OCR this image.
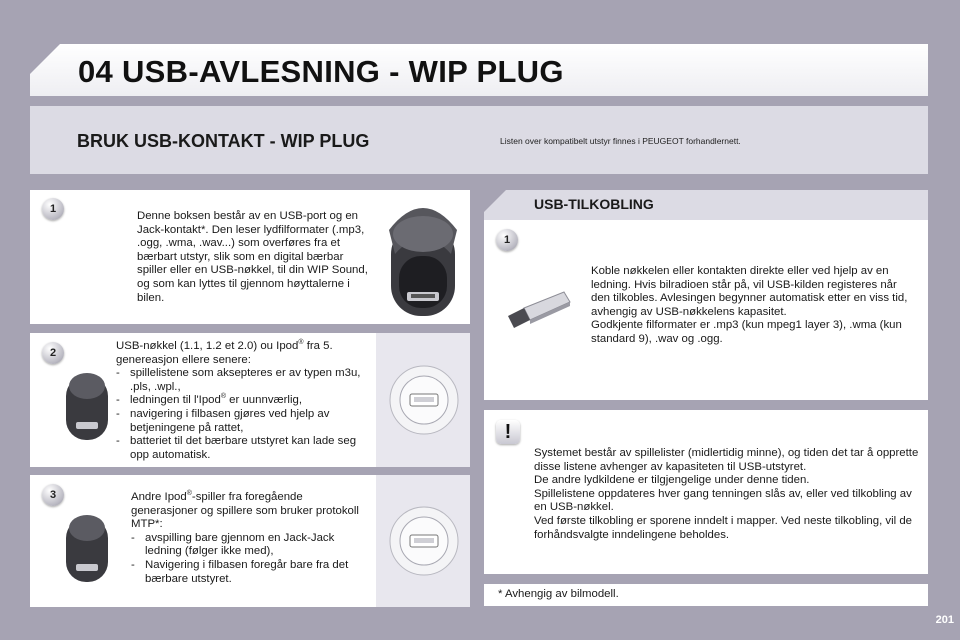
04 USB-AVLESNING - WIP PLUG
BRUK USB-KONTAKT - WIP PLUG	Listen over kompatibelt utstyr finnes i PEUGEOT forhandlernett.
1
Denne boksen består av en USB-port og en Jack-kontakt*. Den leser lydfilformater (.mp3, .ogg, .wma, .wav...) som overføres fra et bærbart utstyr, slik som en digital bærbar spiller eller en USB-nøkkel, til din WIP Sound, og som kan lyttes til gjennom høyttalerne i bilen.
2

USB-nøkkel (1.1, 1.2 et 2.0) ou Ipod® fra 5. genereasjon ellere senere:

- spillelistene som aksepteres er av typen m3u, .pls, .wpl.,
- ledningen til l'Ipod® er uunnværlig,
- navigering i filbasen gjøres ved hjelp av betjeningene på rattet,
- batteriet til det bærbare utstyret kan lade seg opp automatisk.
3	Andre Ipod®-spiller fra foregående generasjoner og spillere som bruker protokoll MTP*:

- avspilling bare gjennom en Jack-Jack ledning (følger ikke med),
- Navigering i filbasen foregår bare fra det bærbare utstyret.
USB-TILKOBLING
1

Koble nøkkelen eller kontakten direkte eller ved hjelp av en ledning. Hvis bilradioen står på, vil USB-kilden registeres når den tilkobles. Avlesingen begynner automatisk etter en viss tid, avhengig av USB-nøkkelens kapasitet.

Godkjente filformater er .mp3 (kun mpeg1 layer 3), .wma (kun standard 9), .wav og .ogg.

!

Systemet består av spillelister (midlertidig minne), og tiden det tar å opprette disse listene avhenger av kapasiteten til USB-utstyret.

De andre lydkildene er tilgjengelige under denne tiden.

Spillelistene oppdateres hver gang tenningen slås av, eller ved tilkobling av en USB-nøkkel.

Ved første tilkobling er sporene inndelt i mapper. Ved neste tilkobling, vil de forhåndsvalgte inndelingene beholdes.

* Avhengig av bilmodell.
201
